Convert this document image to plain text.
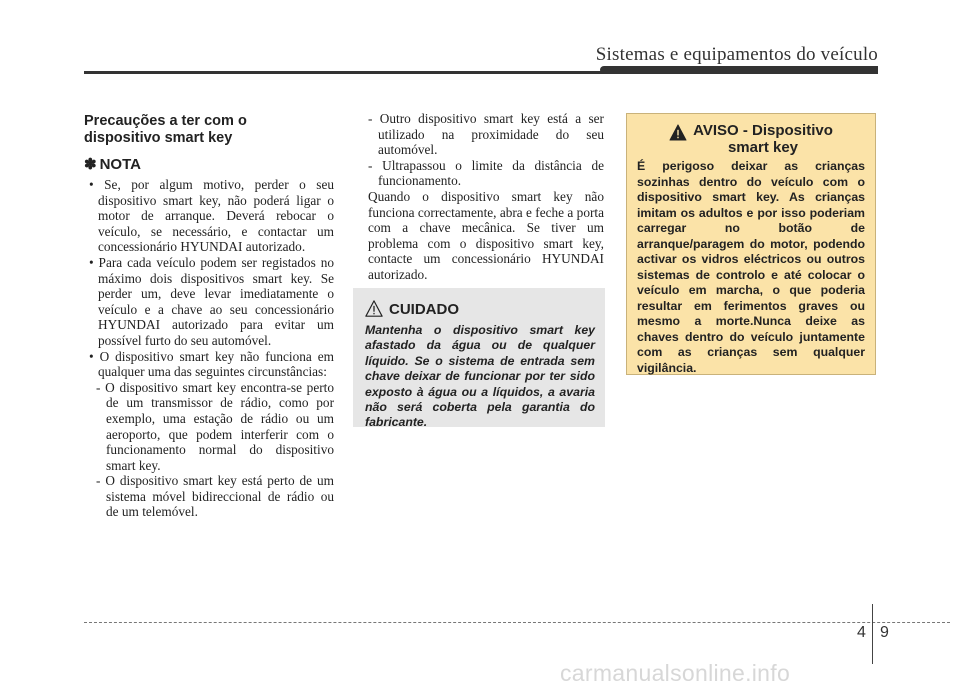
Sistemas e equipamentos do veículo
Precauções a ter com o
dispositivo smart key
✽ NOTA
• Se, por algum motivo, perder o seu dispositivo smart key, não poderá ligar o motor de arranque. Deverá rebocar o veículo, se necessário, e contactar um concessionário HYUNDAI autorizado.
• Para cada veículo podem ser registados no máximo dois dispositivos smart key. Se perder um, deve levar imediatamente o veículo e a chave ao seu concessionário HYUNDAI autorizado para evitar um possível furto do seu automóvel.
• O dispositivo smart key não funciona em qualquer uma das seguintes circunstâncias:
- O dispositivo smart key encontra-se perto de um transmissor de rádio, como por exemplo, uma estação de rádio ou um aeroporto, que podem interferir com o funcionamento normal do dispositivo smart key.
- O dispositivo smart key está perto de um sistema móvel bidireccional de rádio ou de um telemóvel.
- Outro dispositivo smart key está a ser utilizado na proximidade do seu automóvel.
- Ultrapassou o limite da distância de funcionamento.
Quando o dispositivo smart key não funciona correctamente, abra e feche a porta com a chave mecânica. Se tiver um problema com o dispositivo smart key, contacte um concessionário HYUNDAI autorizado.
CUIDADO
Mantenha o dispositivo smart key afastado da água ou de qualquer líquido. Se o sistema de entrada sem chave deixar de funcionar por ter sido exposto à água ou a líquidos, a avaria não será coberta pela garantia do fabricante.
AVISO - Dispositivo
smart key
É perigoso deixar as crianças sozinhas dentro do veículo com o dispositivo smart key. As crianças imitam os adultos e por isso poderiam carregar no botão de arranque/paragem do motor, podendo activar os vidros eléctricos ou outros sistemas de controlo e até colocar o veículo em marcha, o que poderia resultar em ferimentos graves ou mesmo a morte.Nunca deixe as chaves dentro do veículo juntamente com as crianças sem qualquer vigilância.
4 9
carmanualsonline.info
